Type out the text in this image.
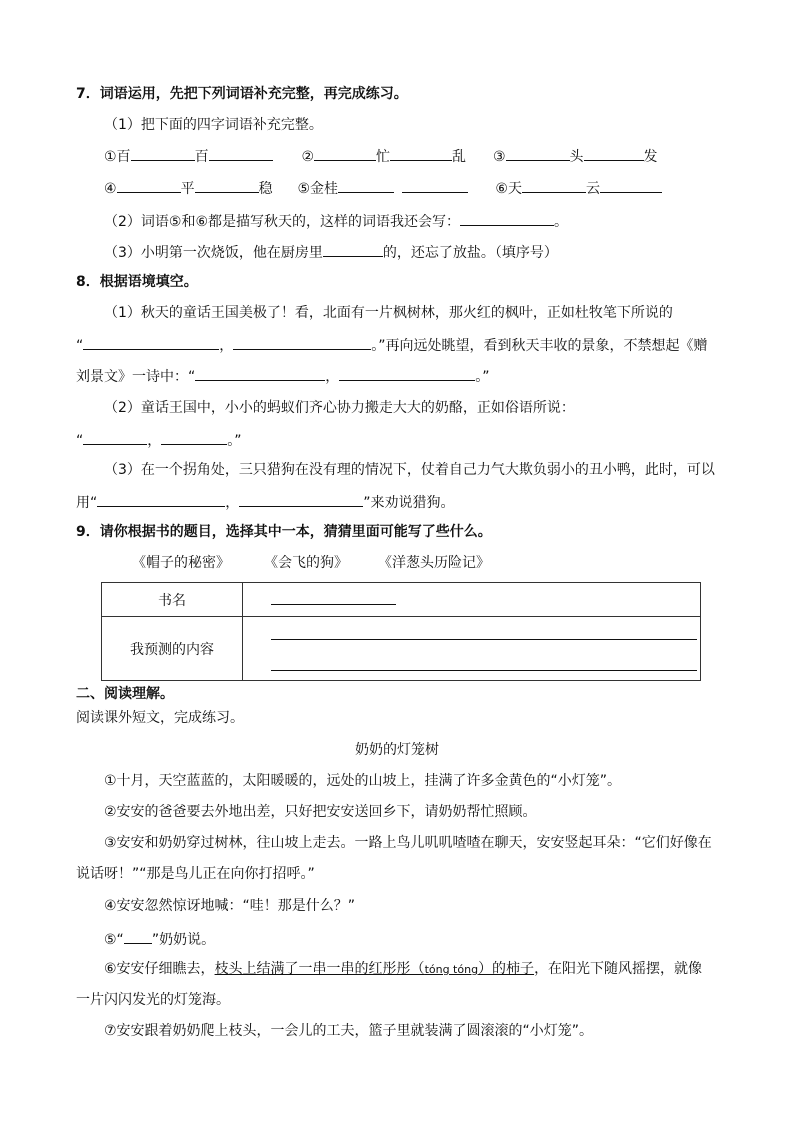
7．词语运用，先把下列词语补充完整，再完成练习。
（1）把下面的四字词语补充完整。
①百	百	②	忙	乱 ③	头	发
④	平	稳 ⑤金桂	⑥天	云
（2）词语⑤和⑥都是描写秋天的，这样的词语我还会写：	。
（3）小明第一次烧饭，他在厨房里	的，还忘了放盐。（填序号）
8．根据语境填空。
（1）秋天的童话王国美极了！看，北面有一片枫树林，那火红的枫叶，正如杜牧笔下所说的
“	，	。”再向远处眺望，看到秋天丰收的景象，不禁想起《赠
刘景文》一诗中：“	，	。”
（2）童话王国中，小小的蚂蚁们齐心协力搬走大大的奶酪，正如俗语所说：
“	，	。”
（3）在一个拐角处，三只猎狗在没有理的情况下，仗着自己力气大欺负弱小的丑小鸭，此时，可以
用“	，	”来劝说猎狗。
9．请你根据书的题目，选择其中一本，猜猜里面可能写了些什么。
《帽子的秘密》 《会飞的狗》 《洋葱头历险记》
书名	
我预测的内容	
二、阅读理解。
阅读课外短文，完成练习。
奶奶的灯笼树
①十月，天空蓝蓝的，太阳暖暖的，远处的山坡上，挂满了许多金黄色的“小灯笼”。
②安安的爸爸要去外地出差，只好把安安送回乡下，请奶奶帮忙照顾。
③安安和奶奶穿过树林，往山坡上走去。一路上鸟儿叽叽喳喳在聊天，安安竖起耳朵：“它们好像在
说话呀！”“那是鸟儿正在向你打招呼。”
④安安忽然惊讶地喊：“哇！那是什么？”
⑤“ ”奶奶说。
⑥安安仔细瞧去，枝头上结满了一串一串的红彤彤（tóng tóng）的柿子，在阳光下随风摇摆，就像
一片闪闪发光的灯笼海。
⑦安安跟着奶奶爬上枝头，一会儿的工夫，篮子里就装满了圆滚滚的“小灯笼”。
